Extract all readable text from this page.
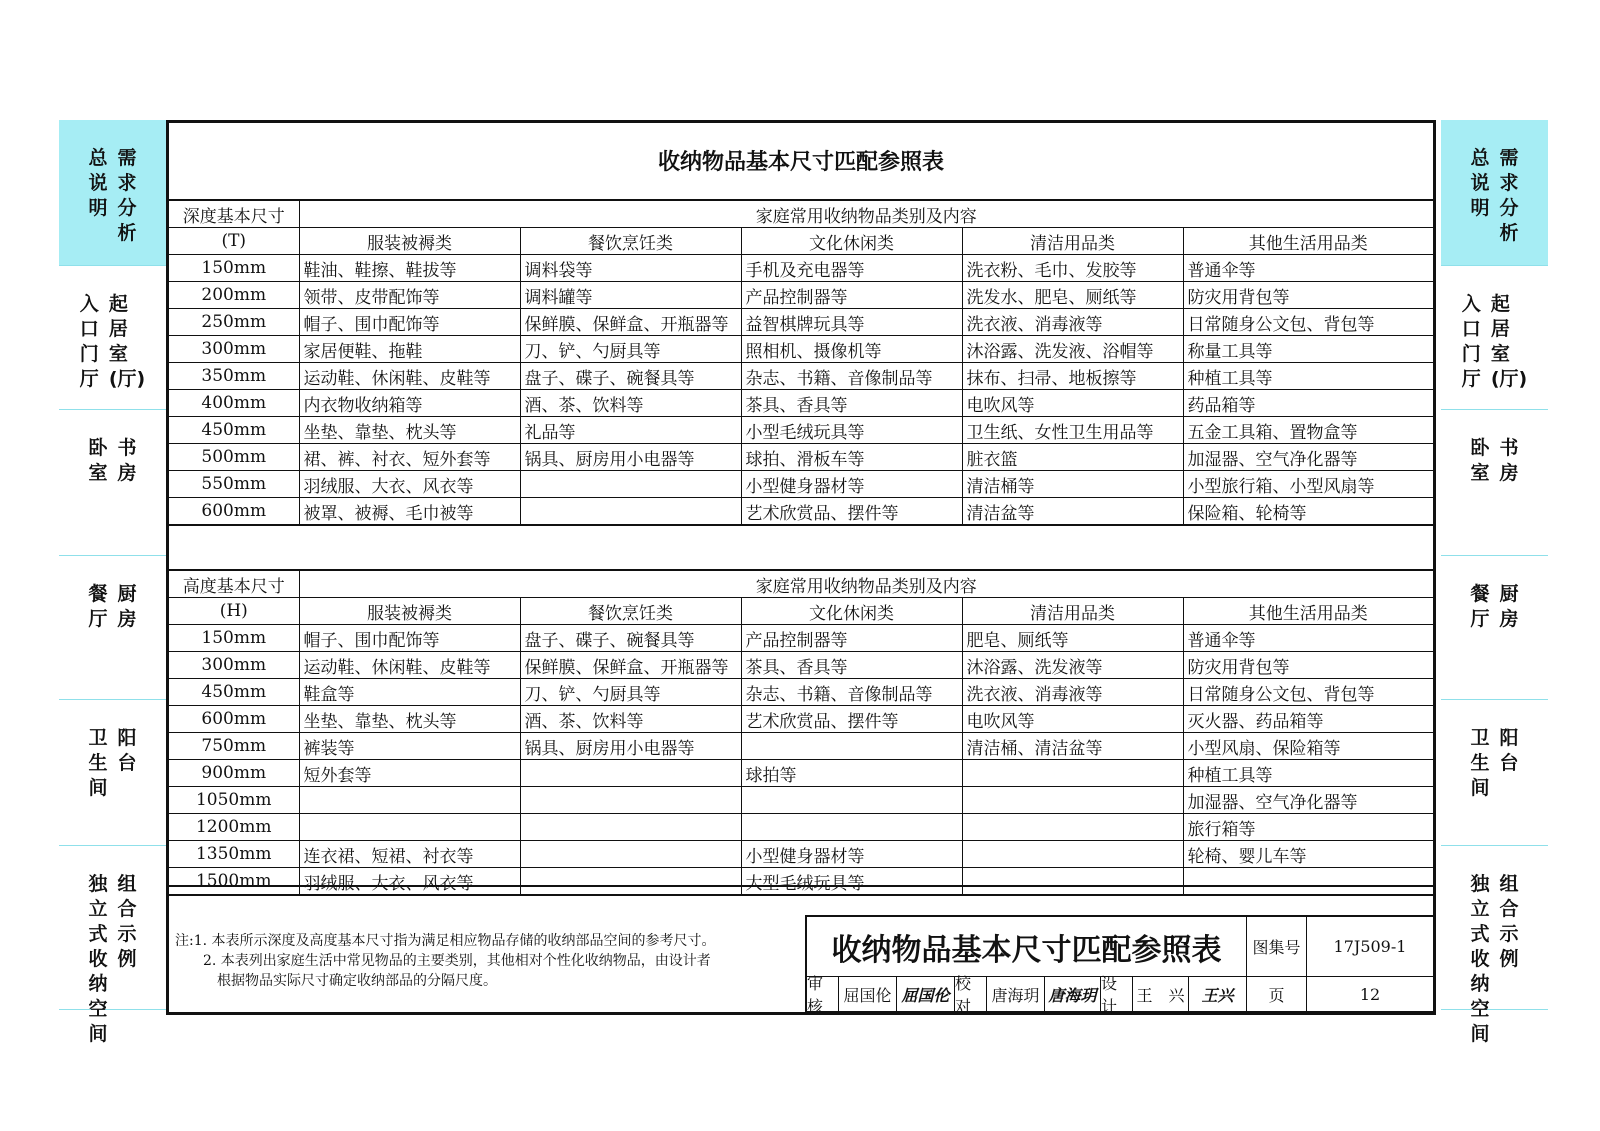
总
说
明
需
求
分
析
入
口
门
厅
起
居
室
(厅)
卧
室
书
房
餐
厅
厨
房
卫
生
间
阳
台
独
立
式
收
纳
空
间
组
合
示
例
总
说
明
需
求
分
析
入
口
门
厅
起
居
室
(厅)
卧
室
书
房
餐
厅
厨
房
卫
生
间
阳
台
独
立
式
收
纳
空
间
组
合
示
例
收纳物品基本尺寸匹配参照表
深度基本尺寸	家庭常用收纳物品类别及内容				
(T)	服装被褥类	餐饮烹饪类	文化休闲类	清洁用品类	其他生活用品类
150mm	鞋油、鞋擦、鞋拔等	调料袋等	手机及充电器等	洗衣粉、毛巾、发胶等	普通伞等
200mm	领带、皮带配饰等	调料罐等	产品控制器等	洗发水、肥皂、厕纸等	防灾用背包等
250mm	帽子、围巾配饰等	保鲜膜、保鲜盒、开瓶器等	益智棋牌玩具等	洗衣液、消毒液等	日常随身公文包、背包等
300mm	家居便鞋、拖鞋	刀、铲、勺厨具等	照相机、摄像机等	沐浴露、洗发液、浴帽等	称量工具等
350mm	运动鞋、休闲鞋、皮鞋等	盘子、碟子、碗餐具等	杂志、书籍、音像制品等	抹布、扫帚、地板擦等	种植工具等
400mm	内衣物收纳箱等	酒、茶、饮料等	茶具、香具等	电吹风等	药品箱等
450mm	坐垫、靠垫、枕头等	礼品等	小型毛绒玩具等	卫生纸、女性卫生用品等	五金工具箱、置物盒等
500mm	裙、裤、衬衣、短外套等	锅具、厨房用小电器等	球拍、滑板车等	脏衣篮	加湿器、空气净化器等
550mm	羽绒服、大衣、风衣等		小型健身器材等	清洁桶等	小型旅行箱、小型风扇等
600mm	被罩、被褥、毛巾被等		艺术欣赏品、摆件等	清洁盆等	保险箱、轮椅等
高度基本尺寸	家庭常用收纳物品类别及内容				
(H)	服装被褥类	餐饮烹饪类	文化休闲类	清洁用品类	其他生活用品类
150mm	帽子、围巾配饰等	盘子、碟子、碗餐具等	产品控制器等	肥皂、厕纸等	普通伞等
300mm	运动鞋、休闲鞋、皮鞋等	保鲜膜、保鲜盒、开瓶器等	茶具、香具等	沐浴露、洗发液等	防灾用背包等
450mm	鞋盒等	刀、铲、勺厨具等	杂志、书籍、音像制品等	洗衣液、消毒液等	日常随身公文包、背包等
600mm	坐垫、靠垫、枕头等	酒、茶、饮料等	艺术欣赏品、摆件等	电吹风等	灭火器、药品箱等
750mm	裤装等	锅具、厨房用小电器等		清洁桶、清洁盆等	小型风扇、保险箱等
900mm	短外套等		球拍等		种植工具等
1050mm					加湿器、空气净化器等
1200mm					旅行箱等
1350mm	连衣裙、短裙、衬衣等		小型健身器材等		轮椅、婴儿车等
1500mm	羽绒服、大衣、风衣等		大型毛绒玩具等		
注:1. 本表所示深度及高度基本尺寸指为满足相应物品存储的收纳部品空间的参考尺寸。
　　2. 本表列出家庭生活中常见物品的主要类别，其他相对个性化收纳物品，由设计者
　　　根据物品实际尺寸确定收纳部品的分隔尺度。
收纳物品基本尺寸匹配参照表	图集号	17J509-1
审核
屈国伦 屈国伦
校对
唐海玥 唐海玥
设计
王　兴	王兴	页	12
